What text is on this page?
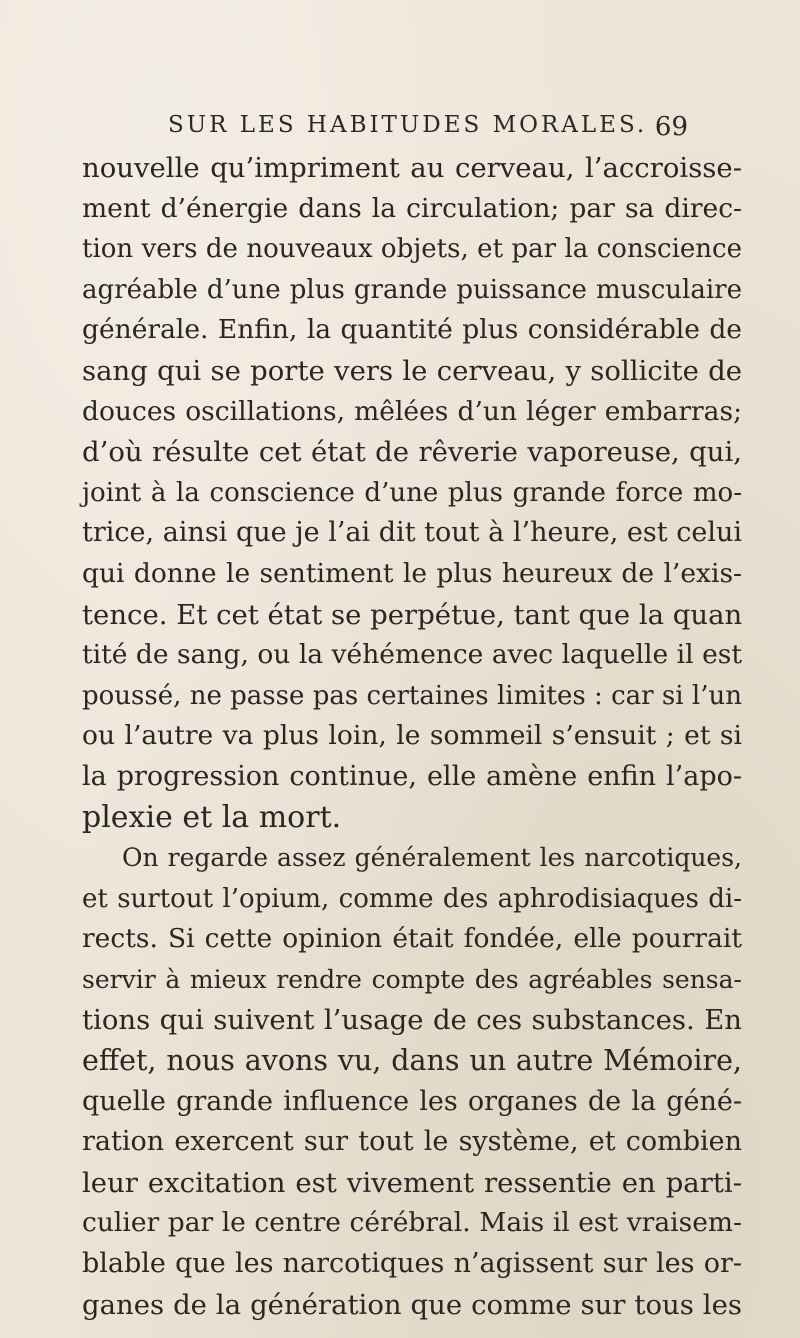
SUR LES HABITUDES MORALES. 69
nouvelle qu’impriment au cerveau, l’accroisse-
ment d’énergie dans la circulation; par sa direc-
tion vers de nouveaux objets, et par la conscience
agréable d’une plus grande puissance musculaire
générale. Enfin, la quantité plus considérable de
sang qui se porte vers le cerveau, y sollicite de
douces oscillations, mêlées d’un léger embarras;
d’où résulte cet état de rêverie vaporeuse, qui,
joint à la conscience d’une plus grande force mo-
trice, ainsi que je l’ai dit tout à l’heure, est celui
qui donne le sentiment le plus heureux de l’exis-
tence. Et cet état se perpétue, tant que la quan
tité de sang, ou la véhémence avec laquelle il est
poussé, ne passe pas certaines limites : car si l’un
ou l’autre va plus loin, le sommeil s’ensuit ; et si
la progression continue, elle amène enfin l’apo-
plexie et la mort.
On regarde assez généralement les narcotiques,
et surtout l’opium, comme des aphrodisiaques di-
rects. Si cette opinion était fondée, elle pourrait
servir à mieux rendre compte des agréables sensa-
tions qui suivent l’usage de ces substances. En
effet, nous avons vu, dans un autre Mémoire,
quelle grande influence les organes de la géné-
ration exercent sur tout le système, et combien
leur excitation est vivement ressentie en parti-
culier par le centre cérébral. Mais il est vraisem-
blable que les narcotiques n’agissent sur les or-
ganes de la génération que comme sur tous les
